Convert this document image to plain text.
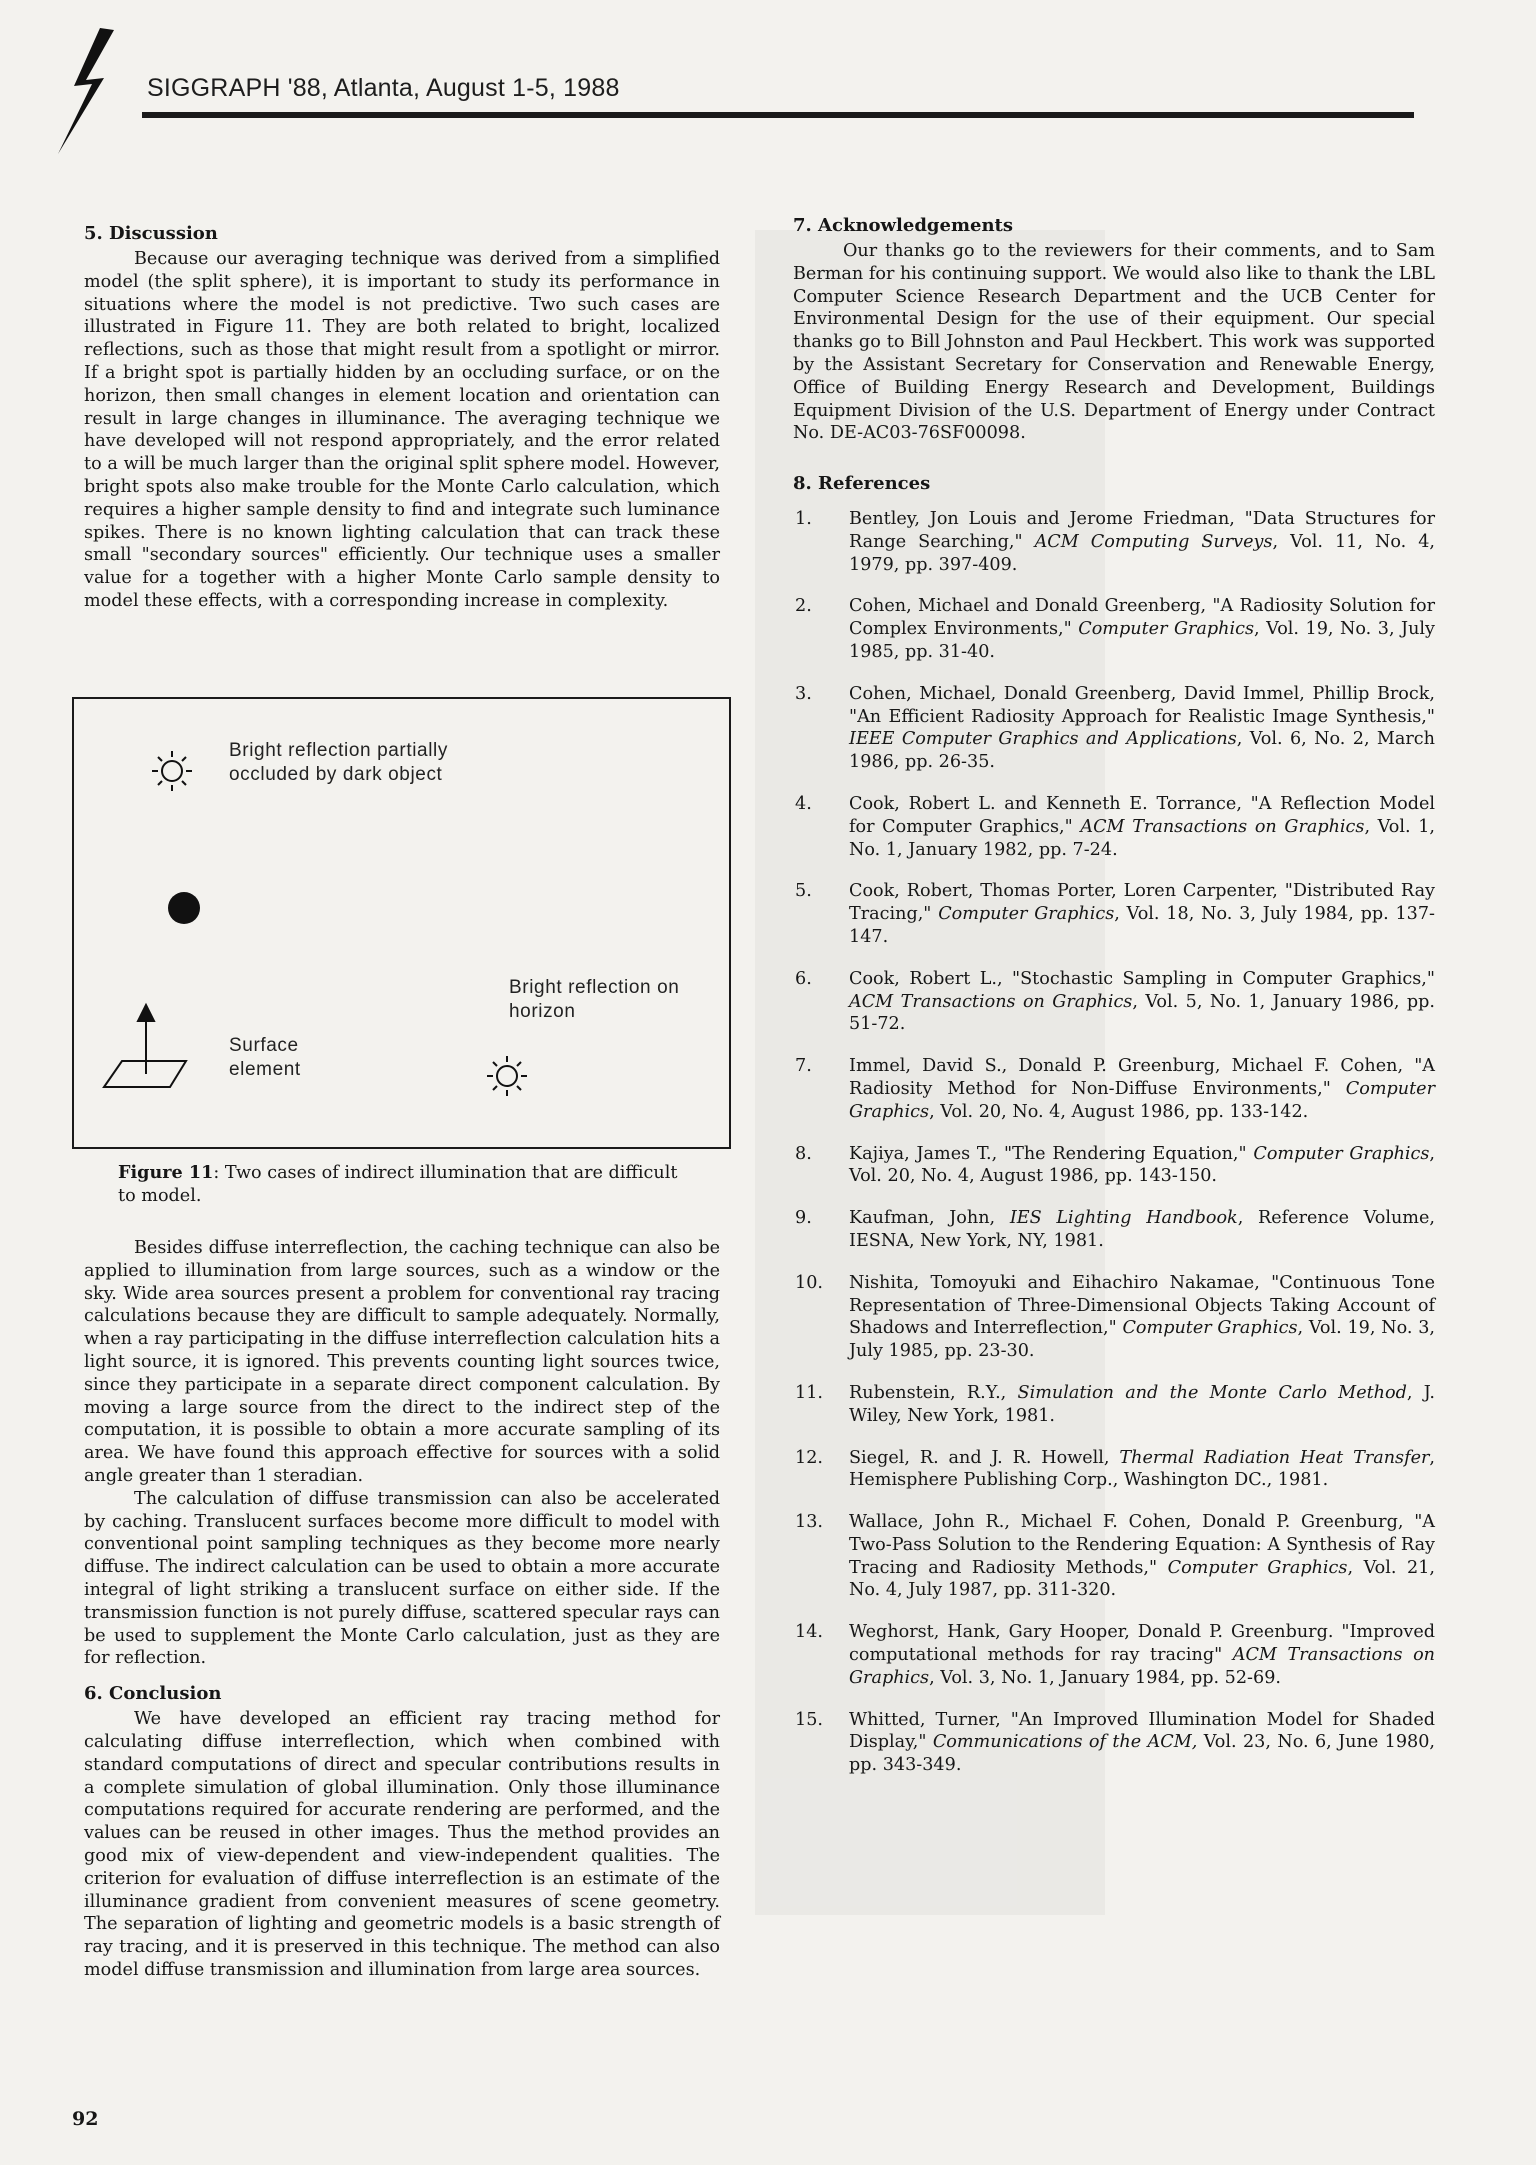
SIGGRAPH '88, Atlanta, August 1-5, 1988
5. Discussion

Because our averaging technique was derived from a simplified model (the split sphere), it is important to study its performance in situations where the model is not predictive. Two such cases are illustrated in Figure 11. They are both related to bright, localized reflections, such as those that might result from a spotlight or mirror. If a bright spot is partially hidden by an occluding surface, or on the horizon, then small changes in element location and orientation can result in large changes in illuminance. The averaging technique we have developed will not respond appropriately, and the error related to a will be much larger than the original split sphere model. However, bright spots also make trouble for the Monte Carlo calculation, which requires a higher sample density to find and integrate such luminance spikes. There is no known lighting calculation that can track these small "secondary sources" efficiently. Our technique uses a smaller value for a together with a higher Monte Carlo sample density to model these effects, with a corresponding increase in complexity.

Bright reflection partially occluded by dark object
Bright reflection on horizon
Surface element
Figure 11: Two cases of indirect illumination that are difficult to model.

Besides diffuse interreflection, the caching technique can also be applied to illumination from large sources, such as a window or the sky. Wide area sources present a problem for conventional ray tracing calculations because they are difficult to sample adequately. Normally, when a ray participating in the diffuse interreflection calculation hits a light source, it is ignored. This prevents counting light sources twice, since they participate in a separate direct component calculation. By moving a large source from the direct to the indirect step of the computation, it is possible to obtain a more accurate sampling of its area. We have found this approach effective for sources with a solid angle greater than 1 steradian.

The calculation of diffuse transmission can also be accelerated by caching. Translucent surfaces become more difficult to model with conventional point sampling techniques as they become more nearly diffuse. The indirect calculation can be used to obtain a more accurate integral of light striking a translucent surface on either side. If the transmission function is not purely diffuse, scattered specular rays can be used to supplement the Monte Carlo calculation, just as they are for reflection.

6. Conclusion

We have developed an efficient ray tracing method for calculating diffuse interreflection, which when combined with standard computations of direct and specular contributions results in a complete simulation of global illumination. Only those illuminance computations required for accurate rendering are performed, and the values can be reused in other images. Thus the method provides an good mix of view-dependent and view-independent qualities. The criterion for evaluation of diffuse interreflection is an estimate of the illuminance gradient from convenient measures of scene geometry. The separation of lighting and geometric models is a basic strength of ray tracing, and it is preserved in this technique. The method can also model diffuse transmission and illumination from large area sources.

7. Acknowledgements

Our thanks go to the reviewers for their comments, and to Sam Berman for his continuing support. We would also like to thank the LBL Computer Science Research Department and the UCB Center for Environmental Design for the use of their equipment. Our special thanks go to Bill Johnston and Paul Heckbert. This work was supported by the Assistant Secretary for Conservation and Renewable Energy, Office of Building Energy Research and Development, Buildings Equipment Division of the U.S. Department of Energy under Contract No. DE-AC03-76SF00098.

8. References
1. Bentley, Jon Louis and Jerome Friedman, "Data Structures for Range Searching," ACM Computing Surveys, Vol. 11, No. 4, 1979, pp. 397-409.
2. Cohen, Michael and Donald Greenberg, "A Radiosity Solution for Complex Environments," Computer Graphics, Vol. 19, No. 3, July 1985, pp. 31-40.
3. Cohen, Michael, Donald Greenberg, David Immel, Phillip Brock, "An Efficient Radiosity Approach for Realistic Image Synthesis," IEEE Computer Graphics and Applications, Vol. 6, No. 2, March 1986, pp. 26-35.
4. Cook, Robert L. and Kenneth E. Torrance, "A Reflection Model for Computer Graphics," ACM Transactions on Graphics, Vol. 1, No. 1, January 1982, pp. 7-24.
5. Cook, Robert, Thomas Porter, Loren Carpenter, "Distributed Ray Tracing," Computer Graphics, Vol. 18, No. 3, July 1984, pp. 137-147.
6. Cook, Robert L., "Stochastic Sampling in Computer Graphics," ACM Transactions on Graphics, Vol. 5, No. 1, January 1986, pp. 51-72.
7. Immel, David S., Donald P. Greenburg, Michael F. Cohen, "A Radiosity Method for Non-Diffuse Environments," Computer Graphics, Vol. 20, No. 4, August 1986, pp. 133-142.
8. Kajiya, James T., "The Rendering Equation," Computer Graphics, Vol. 20, No. 4, August 1986, pp. 143-150.
9. Kaufman, John, IES Lighting Handbook, Reference Volume, IESNA, New York, NY, 1981.
10. Nishita, Tomoyuki and Eihachiro Nakamae, "Continuous Tone Representation of Three-Dimensional Objects Taking Account of Shadows and Interreflection," Computer Graphics, Vol. 19, No. 3, July 1985, pp. 23-30.
11. Rubenstein, R.Y., Simulation and the Monte Carlo Method, J. Wiley, New York, 1981.
12. Siegel, R. and J. R. Howell, Thermal Radiation Heat Transfer, Hemisphere Publishing Corp., Washington DC., 1981.
13. Wallace, John R., Michael F. Cohen, Donald P. Greenburg, "A Two-Pass Solution to the Rendering Equation: A Synthesis of Ray Tracing and Radiosity Methods," Computer Graphics, Vol. 21, No. 4, July 1987, pp. 311-320.
14. Weghorst, Hank, Gary Hooper, Donald P. Greenburg. "Improved computational methods for ray tracing" ACM Transactions on Graphics, Vol. 3, No. 1, January 1984, pp. 52-69.
15. Whitted, Turner, "An Improved Illumination Model for Shaded Display," Communications of the ACM, Vol. 23, No. 6, June 1980, pp. 343-349.
92
